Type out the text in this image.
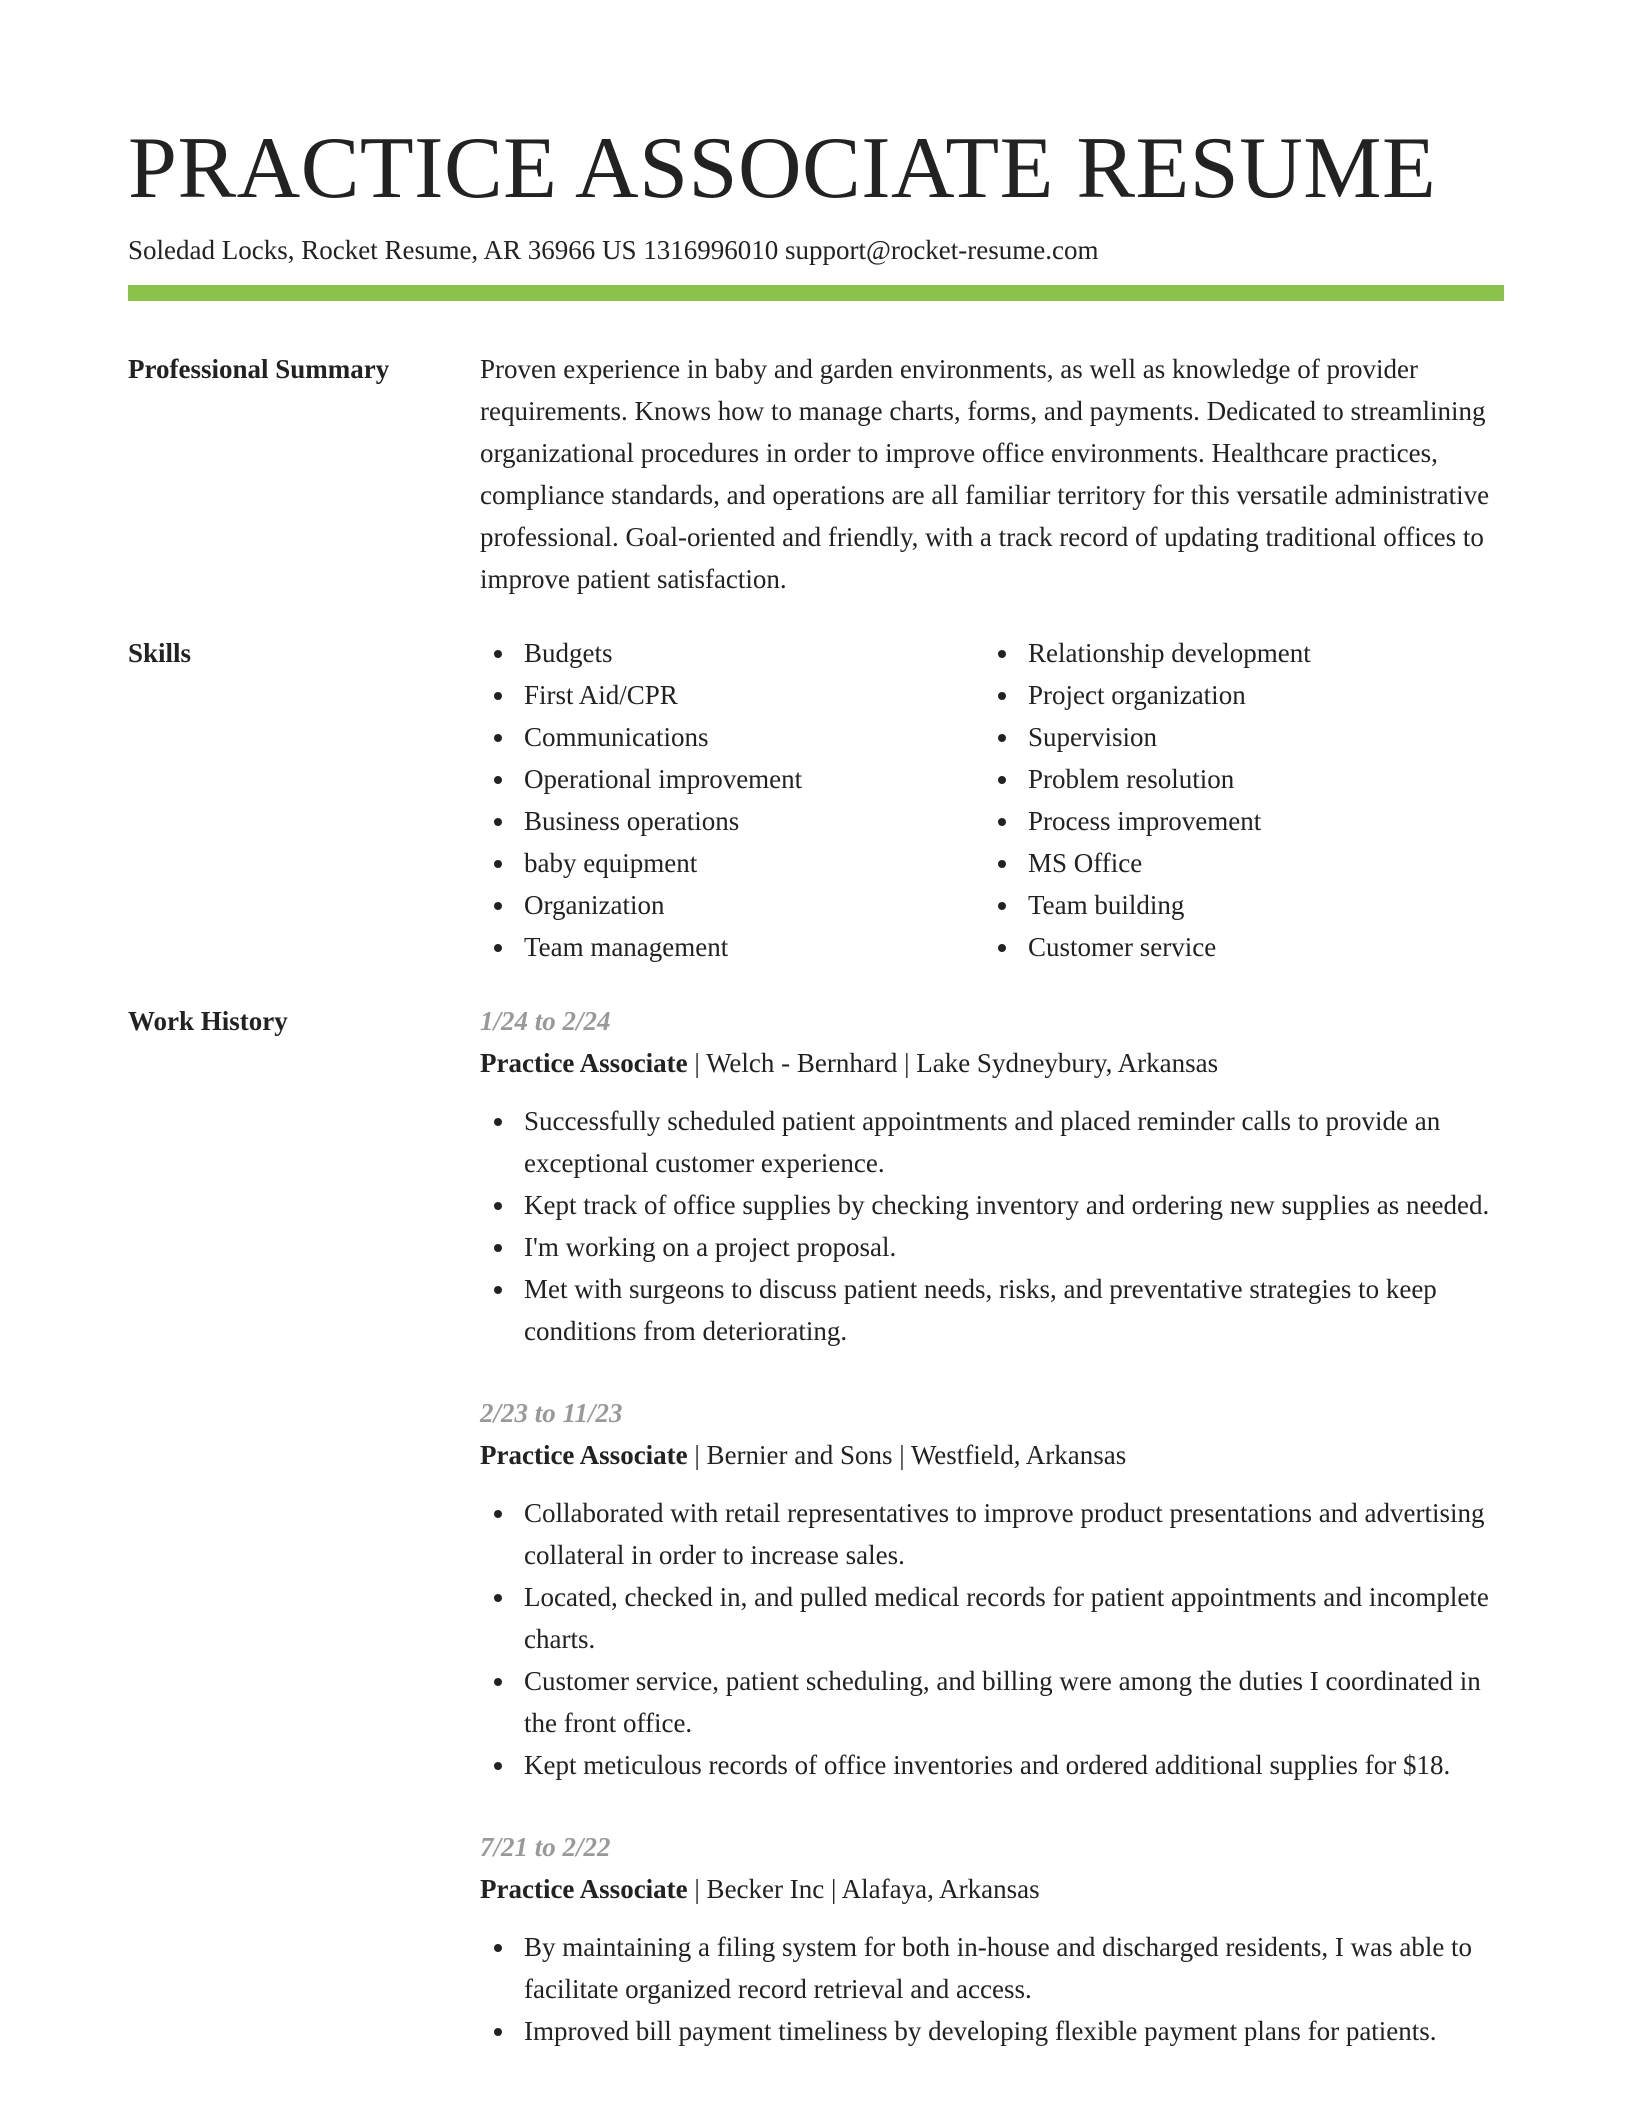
PRACTICE ASSOCIATE RESUME
Soledad Locks, Rocket Resume, AR 36966 US 1316996010 support@rocket-resume.com
Professional Summary	Proven experience in baby and garden environments, as well as knowledge of provider requirements. Knows how to manage charts, forms, and payments. Dedicated to streamlining organizational procedures in order to improve office environments. Healthcare practices, compliance standards, and operations are all familiar territory for this versatile administrative professional. Goal-oriented and friendly, with a track record of updating traditional offices to improve patient satisfaction.
Skills	Budgets
First Aid/CPR
Communications
Operational improvement
Business operations
baby equipment
Organization
Team management
Relationship development
Project organization
Supervision
Problem resolution
Process improvement
MS Office
Team building
Customer service
Work History	1/24 to 2/24
Practice Associate | Welch - Bernhard | Lake Sydneybury, Arkansas
Successfully scheduled patient appointments and placed reminder calls to provide an exceptional customer experience.
Kept track of office supplies by checking inventory and ordering new supplies as needed.
I'm working on a project proposal.
Met with surgeons to discuss patient needs, risks, and preventative strategies to keep conditions from deteriorating.
2/23 to 11/23
Practice Associate | Bernier and Sons | Westfield, Arkansas
Collaborated with retail representatives to improve product presentations and advertising collateral in order to increase sales.
Located, checked in, and pulled medical records for patient appointments and incomplete charts.
Customer service, patient scheduling, and billing were among the duties I coordinated in the front office.
Kept meticulous records of office inventories and ordered additional supplies for $18.
7/21 to 2/22
Practice Associate | Becker Inc | Alafaya, Arkansas
By maintaining a filing system for both in-house and discharged residents, I was able to facilitate organized record retrieval and access.
Improved bill payment timeliness by developing flexible payment plans for patients.
